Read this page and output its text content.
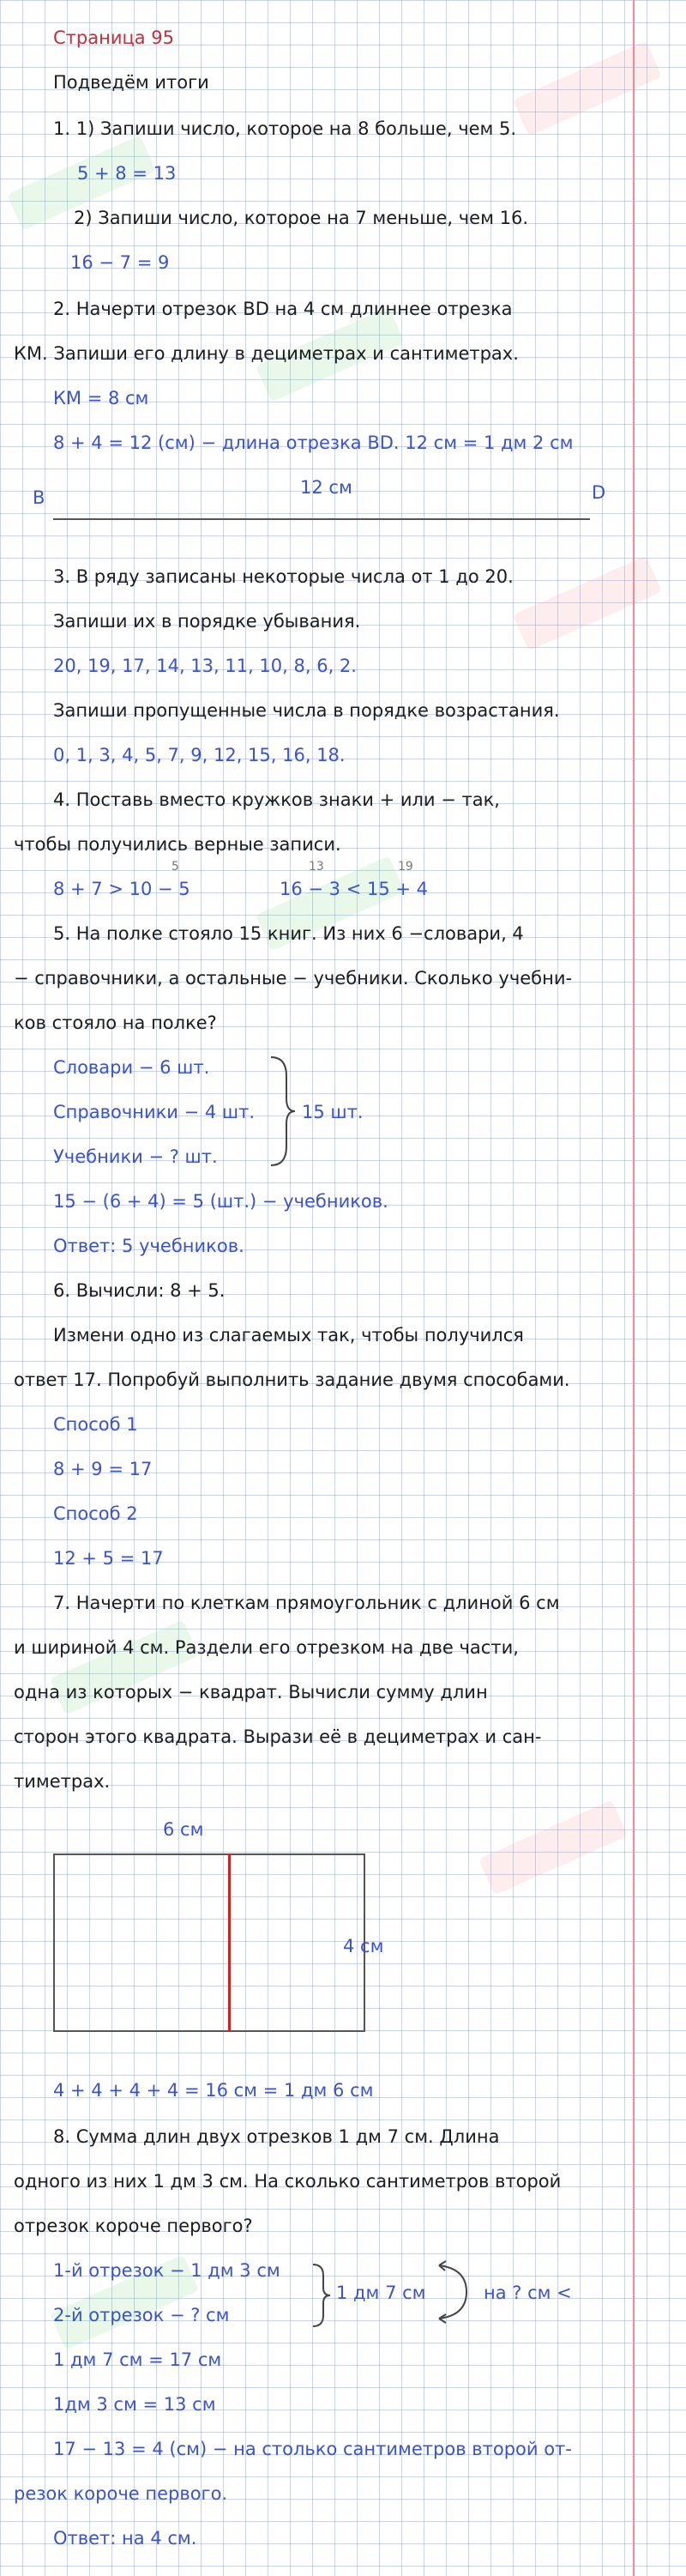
Страница 95
Подведём итоги
1. 1) Запиши число, которое на 8 больше, чем 5.
5 + 8 = 13
2) Запиши число, которое на 7 меньше, чем 16.
16 − 7 = 9
2. Начерти отрезок ВD на 4 см длиннее отрезка
КМ. Запиши его длину в дециметрах и сантиметрах.
КМ = 8 см
8 + 4 = 12 (см) − длина отрезка ВD. 12 см = 1 дм 2 см
12 см
В	D
3. В ряду записаны некоторые числа от 1 до 20.
Запиши их в порядке убывания.
20, 19, 17, 14, 13, 11, 10, 8, 6, 2.
Запиши пропущенные числа в порядке возрастания.
0, 1, 3, 4, 5, 7, 9, 12, 15, 16, 18.
4. Поставь вместо кружков знаки + или − так,
чтобы получились верные записи.
5	13	19
8 + 7 > 10 − 5	16 − 3 < 15 + 4
5. На полке стояло 15 книг. Из них 6 −словари, 4
− справочники, а остальные − учебники. Сколько учебни-
ков стояло на полке?
Словари − 6 шт.
Справочники − 4 шт.
Учебники − ? шт.
15 шт.
15 − (6 + 4) = 5 (шт.) − учебников.
Ответ: 5 учебников.
6. Вычисли: 8 + 5.
Измени одно из слагаемых так, чтобы получился
ответ 17. Попробуй выполнить задание двумя способами.
Способ 1
8 + 9 = 17
Способ 2
12 + 5 = 17
7. Начерти по клеткам прямоугольник с длиной 6 см
и шириной 4 см. Раздели его отрезком на две части,
одна из которых − квадрат. Вычисли сумму длин
сторон этого квадрата. Вырази её в дециметрах и сан-
тиметрах.
6 см
4 см
4 + 4 + 4 + 4 = 16 см = 1 дм 6 см
8. Сумма длин двух отрезков 1 дм 7 см. Длина
одного из них 1 дм 3 см. На сколько сантиметров второй
отрезок короче первого?
1-й отрезок − 1 дм 3 см
2-й отрезок − ? см
1 дм 7 см	на ? см <
1 дм 7 см = 17 см
1дм 3 см = 13 см
17 − 13 = 4 (см) − на столько сантиметров второй от-
резок короче первого.
Ответ: на 4 см.
